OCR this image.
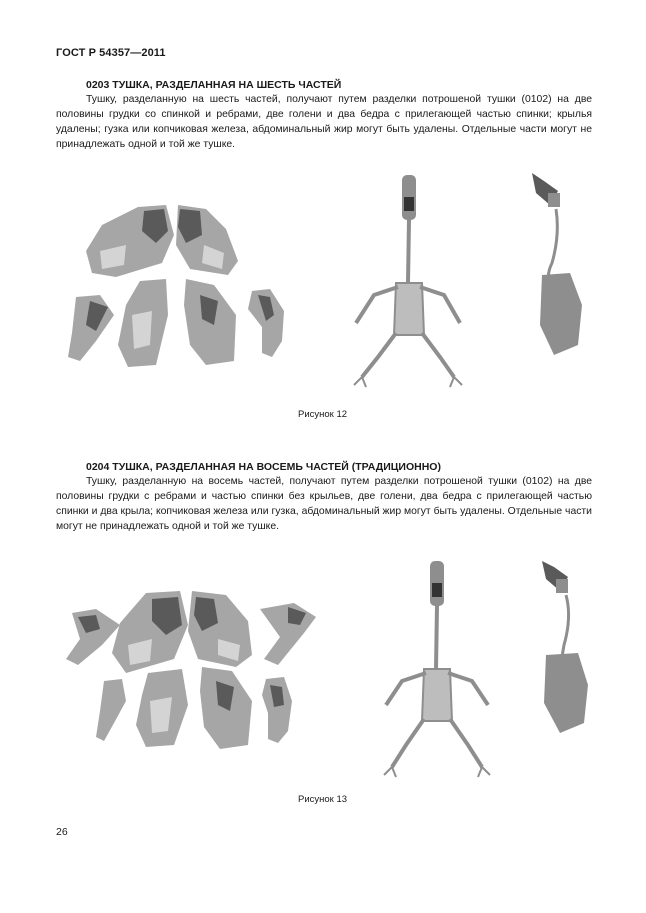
ГОСТ Р 54357—2011
0203 ТУШКА, РАЗДЕЛАННАЯ НА ШЕСТЬ ЧАСТЕЙ
Тушку, разделанную на шесть частей, получают путем разделки потрошеной тушки (0102) на две половины грудки со спинкой и ребрами, две голени и два бедра с прилегающей частью спинки; крылья удалены; гузка или копчиковая железа, абдоминальный жир могут быть удалены. Отдельные части могут не принадлежать одной и той же тушке.
Рисунок 12
0204 ТУШКА, РАЗДЕЛАННАЯ НА ВОСЕМЬ ЧАСТЕЙ (ТРАДИЦИОННО)
Тушку, разделанную на восемь частей, получают путем разделки потрошеной тушки (0102) на две половины грудки с ребрами и частью спинки без крыльев, две голени, два бедра с прилегающей частью спинки и два крыла; копчиковая железа или гузка, абдоминальный жир могут быть удалены. Отдельные части могут не принадлежать одной и той же тушке.
Рисунок 13
26
